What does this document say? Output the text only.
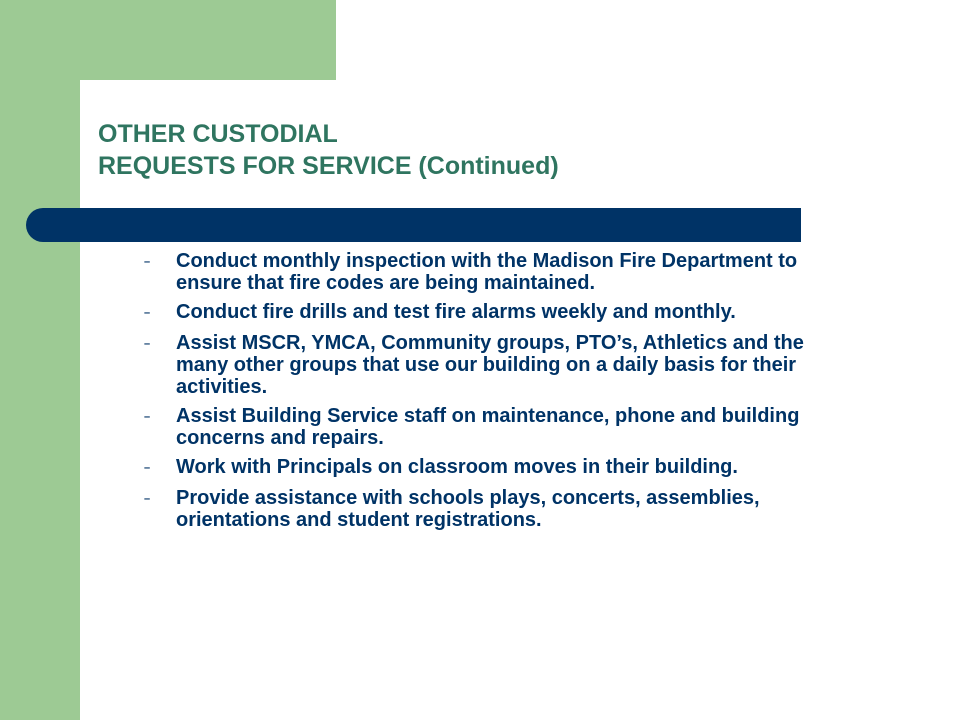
OTHER CUSTODIAL
REQUESTS FOR SERVICE (Continued)
–	Conduct monthly inspection with the Madison Fire Department to ensure that fire codes are being maintained.
–	Conduct fire drills and test fire alarms weekly and monthly.
–	Assist MSCR, YMCA, Community groups, PTO’s, Athletics and the many other groups that use our building on a daily basis for their activities.
–	Assist Building Service staff on maintenance, phone and building concerns and repairs.
–	Work with Principals on classroom moves in their building.
–	Provide assistance with schools plays, concerts, assemblies, orientations and student registrations.
